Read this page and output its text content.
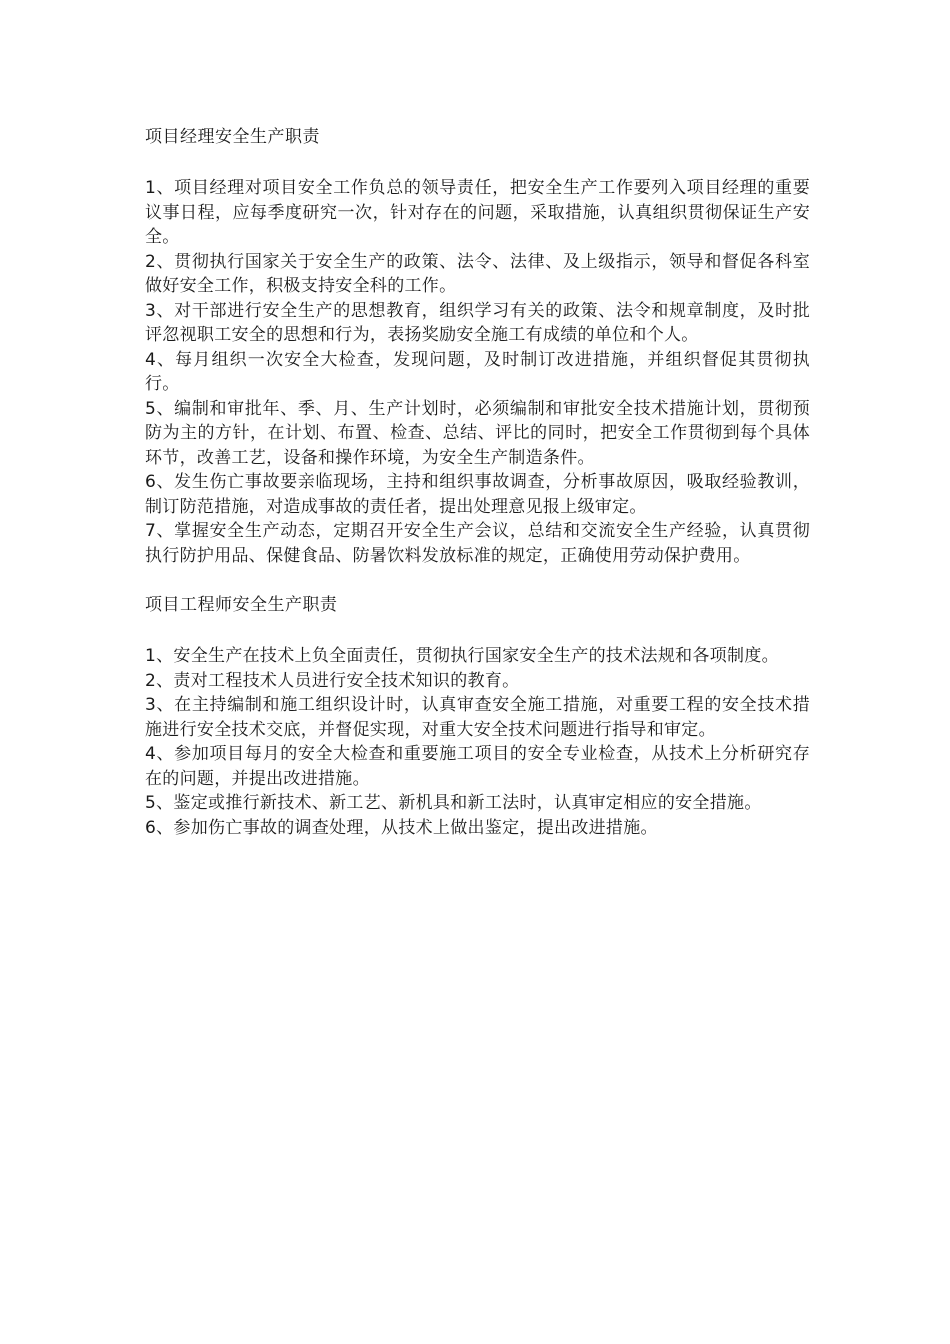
项目经理安全生产职责

1、项目经理对项目安全工作负总的领导责任，把安全生产工作要列入项目经理的重要议事日程，应每季度研究一次，针对存在的问题，采取措施，认真组织贯彻保证生产安全。

2、贯彻执行国家关于安全生产的政策、法令、法律、及上级指示，领导和督促各科室做好安全工作，积极支持安全科的工作。

3、对干部进行安全生产的思想教育，组织学习有关的政策、法令和规章制度，及时批评忽视职工安全的思想和行为，表扬奖励安全施工有成绩的单位和个人。

4、每月组织一次安全大检查，发现问题，及时制订改进措施，并组织督促其贯彻执行。

5、编制和审批年、季、月、生产计划时，必须编制和审批安全技术措施计划，贯彻预防为主的方针，在计划、布置、检查、总结、评比的同时，把安全工作贯彻到每个具体环节，改善工艺，设备和操作环境，为安全生产制造条件。

6、发生伤亡事故要亲临现场，主持和组织事故调查，分析事故原因，吸取经验教训，制订防范措施，对造成事故的责任者，提出处理意见报上级审定。

7、掌握安全生产动态，定期召开安全生产会议，总结和交流安全生产经验，认真贯彻执行防护用品、保健食品、防暑饮料发放标准的规定，正确使用劳动保护费用。

项目工程师安全生产职责

1、安全生产在技术上负全面责任，贯彻执行国家安全生产的技术法规和各项制度。

2、责对工程技术人员进行安全技术知识的教育。

3、在主持编制和施工组织设计时，认真审查安全施工措施，对重要工程的安全技术措施进行安全技术交底，并督促实现，对重大安全技术问题进行指导和审定。

4、参加项目每月的安全大检查和重要施工项目的安全专业检查，从技术上分析研究存在的问题，并提出改进措施。

5、鉴定或推行新技术、新工艺、新机具和新工法时，认真审定相应的安全措施。

6、参加伤亡事故的调查处理，从技术上做出鉴定，提出改进措施。
